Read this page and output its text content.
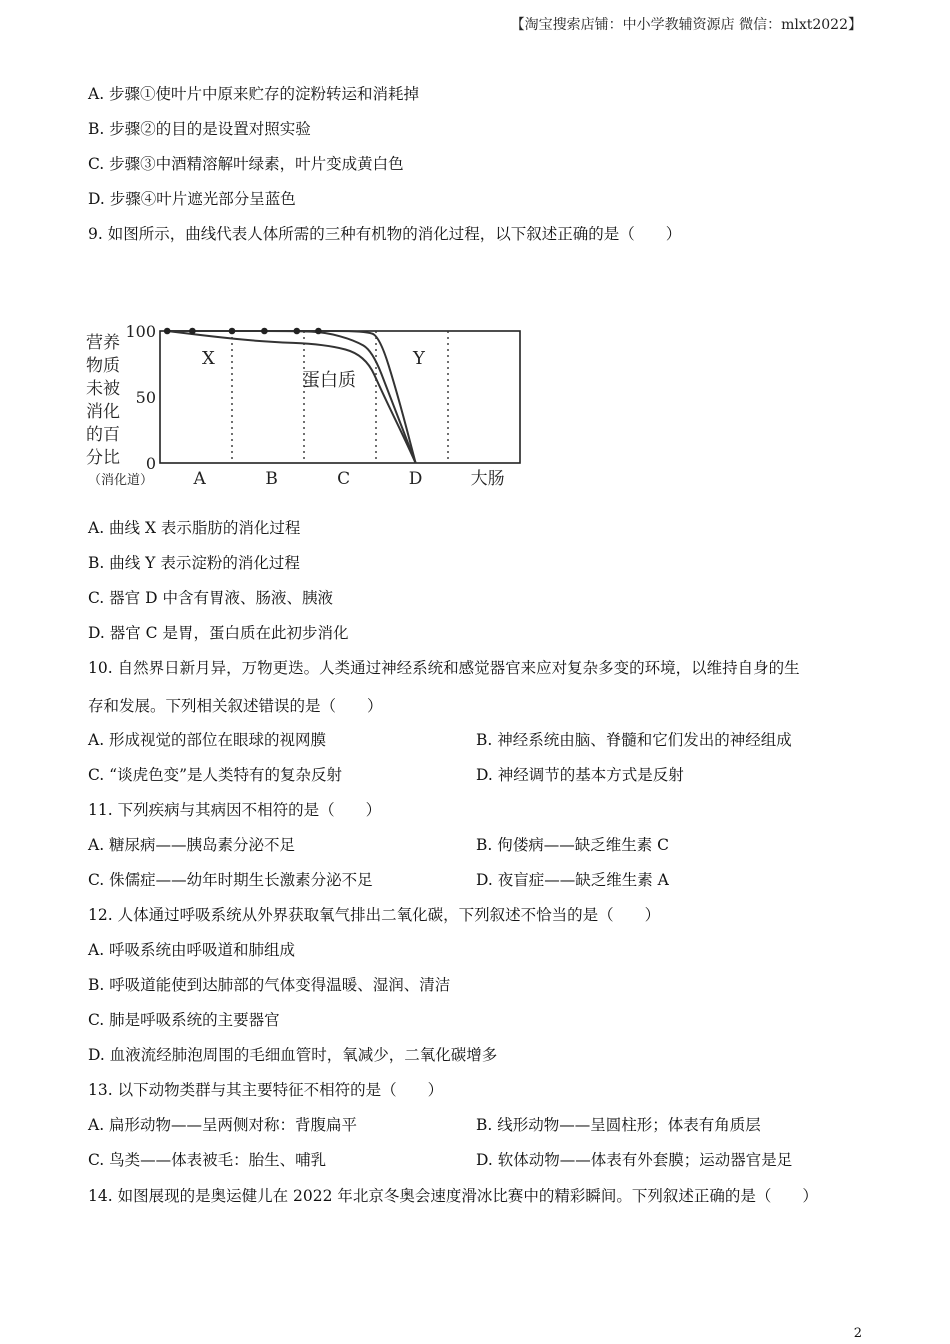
【淘宝搜索店铺：中小学教辅资源店 微信：mlxt2022】
A. 步骤①使叶片中原来贮存的淀粉转运和消耗掉
B. 步骤②的目的是设置对照实验
C. 步骤③中酒精溶解叶绿素，叶片变成黄白色
D. 步骤④叶片遮光部分呈蓝色
9. 如图所示，曲线代表人体所需的三种有机物的消化过程，以下叙述正确的是（　　）
营养
物质
未被
消化
的百
分比
100
50
0
X
蛋白质
Y
（消化道） A	B	C	D	大肠
A. 曲线 X 表示脂肪的消化过程
B. 曲线 Y 表示淀粉的消化过程
C. 器官 D 中含有胃液、肠液、胰液
D. 器官 C 是胃，蛋白质在此初步消化
10. 自然界日新月异，万物更迭。人类通过神经系统和感觉器官来应对复杂多变的环境，以维持自身的生
存和发展。下列相关叙述错误的是（　　）
A. 形成视觉的部位在眼球的视网膜	B. 神经系统由脑、脊髓和它们发出的神经组成
C. “谈虎色变”是人类特有的复杂反射	D. 神经调节的基本方式是反射
11. 下列疾病与其病因不相符的是（　　）
A. 糖尿病——胰岛素分泌不足	B. 佝偻病——缺乏维生素 C
C. 侏儒症——幼年时期生长激素分泌不足	D. 夜盲症——缺乏维生素 A
12. 人体通过呼吸系统从外界获取氧气排出二氧化碳，下列叙述不恰当的是（　　）
A. 呼吸系统由呼吸道和肺组成
B. 呼吸道能使到达肺部的气体变得温暖、湿润、清洁
C. 肺是呼吸系统的主要器官
D. 血液流经肺泡周围的毛细血管时，氧减少，二氧化碳增多
13. 以下动物类群与其主要特征不相符的是（　　）
A. 扁形动物——呈两侧对称：背腹扁平	B. 线形动物——呈圆柱形；体表有角质层
C. 鸟类——体表被毛：胎生、哺乳	D. 软体动物——体表有外套膜；运动器官是足
14. 如图展现的是奥运健儿在 2022 年北京冬奥会速度滑冰比赛中的精彩瞬间。下列叙述正确的是（　　）
2
